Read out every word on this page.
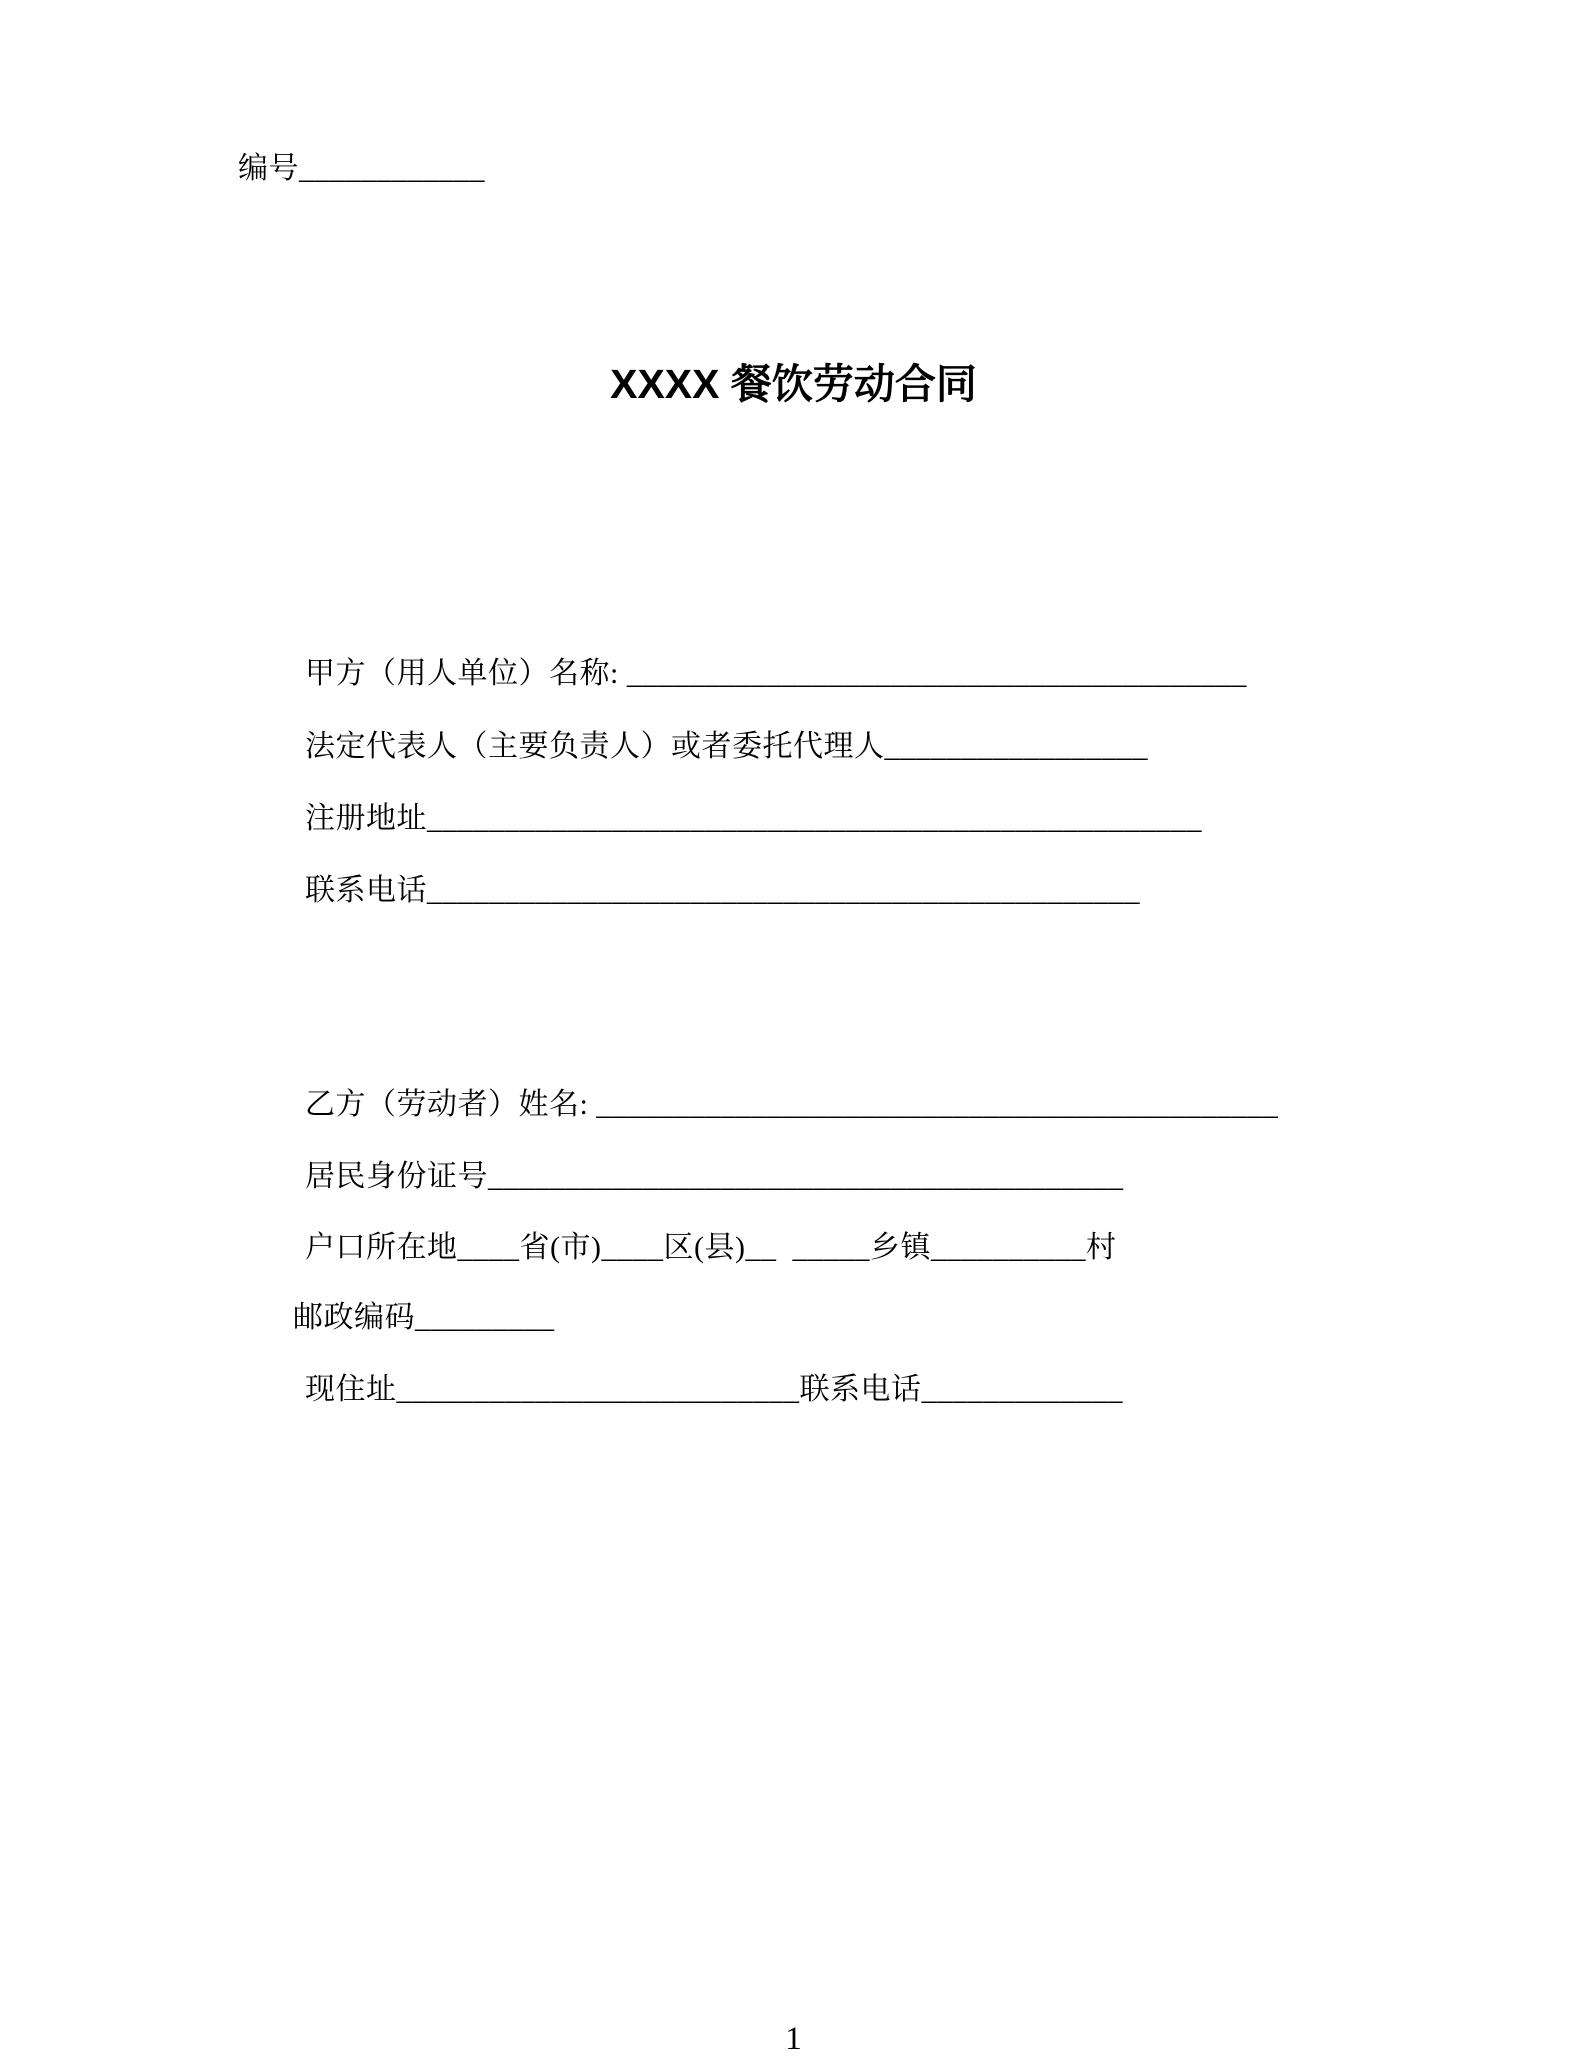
编号____________
XXXX 餐饮劳动合同
甲方（用人单位）名称: ________________________________________
法定代表人（主要负责人）或者委托代理人_________________
注册地址__________________________________________________
联系电话______________________________________________
乙方（劳动者）姓名: ____________________________________________
居民身份证号_________________________________________
户口所在地____省(市)____区(县)__  _____乡镇__________村
邮政编码_________
现住址__________________________联系电话_____________
1
